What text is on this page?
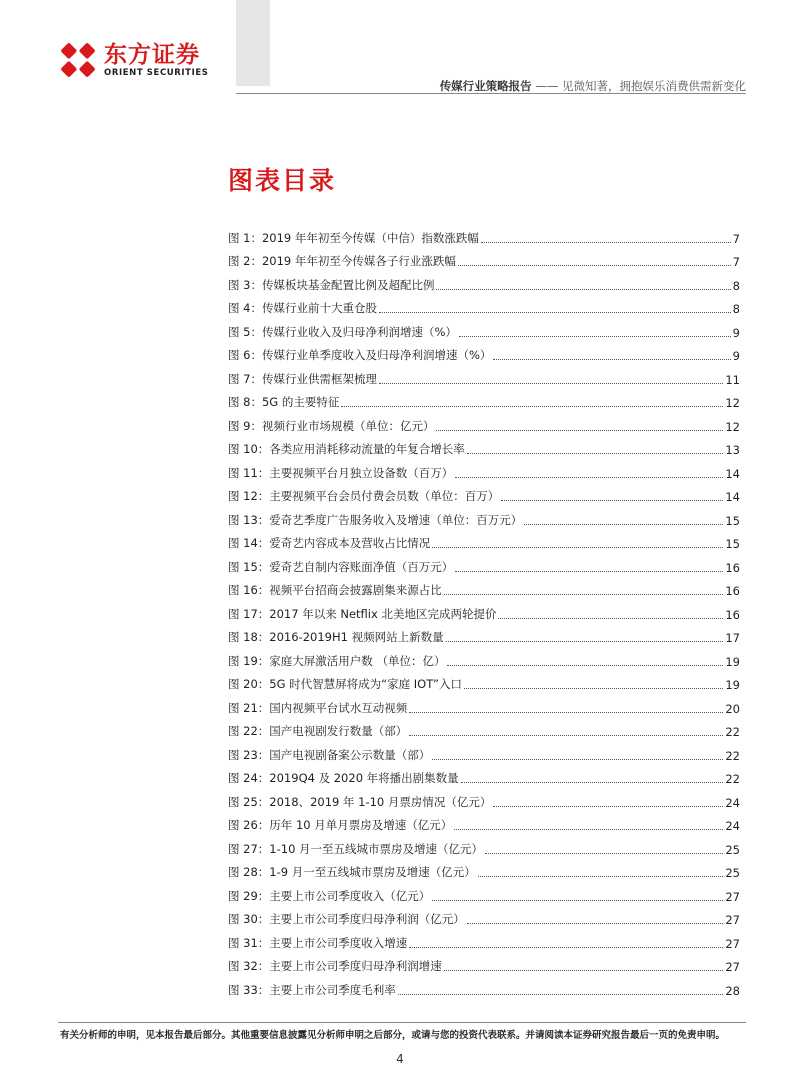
东方证券
ORIENT SECURITIES
传媒行业策略报告 —— 见微知著，拥抱娱乐消费供需新变化
图表目录
图 1： 2019 年年初至今传媒（中信）指数涨跌幅	7
图 2： 2019 年年初至今传媒各子行业涨跌幅	7
图 3： 传媒板块基金配置比例及超配比例	8
图 4： 传媒行业前十大重仓股	8
图 5： 传媒行业收入及归母净利润增速（%）	9
图 6： 传媒行业单季度收入及归母净利润增速（%）	9
图 7： 传媒行业供需框架梳理	11
图 8： 5G 的主要特征	12
图 9： 视频行业市场规模（单位：亿元）	12
图 10： 各类应用消耗移动流量的年复合增长率	13
图 11： 主要视频平台月独立设备数（百万）	14
图 12： 主要视频平台会员付费会员数（单位：百万）	14
图 13： 爱奇艺季度广告服务收入及增速（单位：百万元）	15
图 14： 爱奇艺内容成本及营收占比情况	15
图 15： 爱奇艺自制内容账面净值（百万元）	16
图 16： 视频平台招商会披露剧集来源占比	16
图 17： 2017 年以来 Netflix 北美地区完成两轮提价	16
图 18： 2016-2019H1 视频网站上新数量	17
图 19： 家庭大屏激活用户数 （单位：亿）	19
图 20： 5G 时代智慧屏将成为“家庭 IOT”入口	19
图 21： 国内视频平台试水互动视频	20
图 22： 国产电视剧发行数量（部）	22
图 23： 国产电视剧备案公示数量（部）	22
图 24： 2019Q4 及 2020 年将播出剧集数量	22
图 25： 2018、2019 年 1-10 月票房情况（亿元）	24
图 26： 历年 10 月单月票房及增速（亿元）	24
图 27： 1-10 月一至五线城市票房及增速（亿元）	25
图 28： 1-9 月一至五线城市票房及增速（亿元）	25
图 29： 主要上市公司季度收入（亿元）	27
图 30： 主要上市公司季度归母净利润（亿元）	27
图 31： 主要上市公司季度收入增速	27
图 32： 主要上市公司季度归母净利润增速	27
图 33： 主要上市公司季度毛利率	28
有关分析师的申明，见本报告最后部分。其他重要信息披露见分析师申明之后部分，或请与您的投资代表联系。并请阅读本证券研究报告最后一页的免责申明。
4
